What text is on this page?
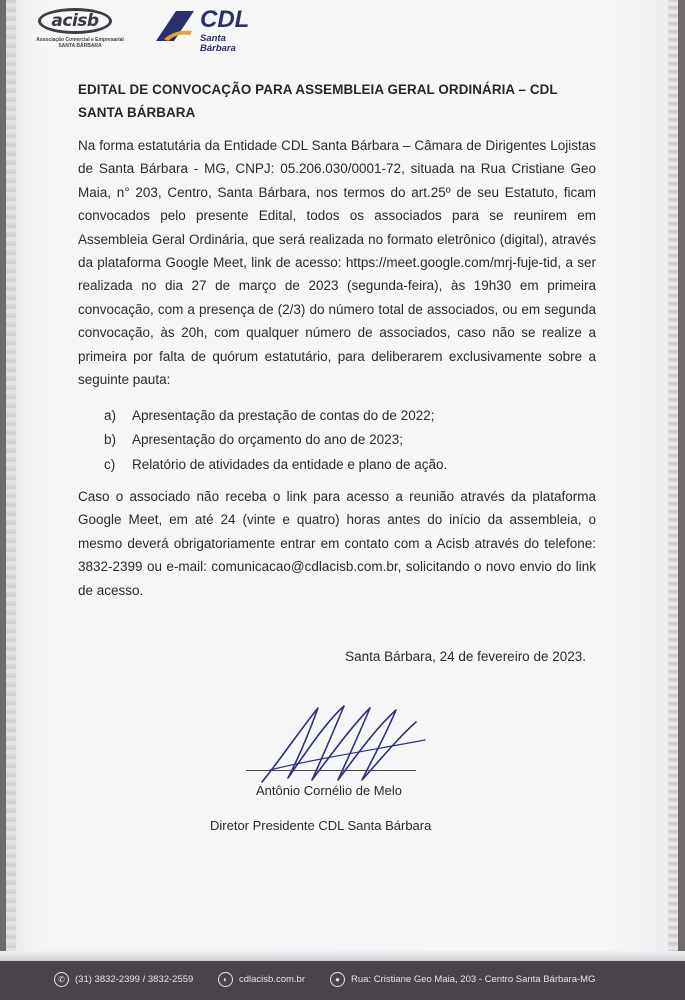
acisb
Associação Comercial e Empresarial
SANTA BÁRBARA
CDL
Santa Bárbara
EDITAL DE CONVOCAÇÃO PARA ASSEMBLEIA GERAL ORDINÁRIA – CDL SANTA BÁRBARA
Na forma estatutária da Entidade CDL Santa Bárbara – Câmara de Dirigentes Lojistas de Santa Bárbara - MG, CNPJ: 05.206.030/0001-72, situada na Rua Cristiane Geo Maia, n° 203, Centro, Santa Bárbara, nos termos do art.25º de seu Estatuto, ficam convocados pelo presente Edital, todos os associados para se reunirem em Assembleia Geral Ordinária, que será realizada no formato eletrônico (digital), através da plataforma Google Meet, link de acesso: https://meet.google.com/mrj-fuje-tid, a ser realizada no dia 27 de março de 2023 (segunda-feira), às 19h30 em primeira convocação, com a presença de (2/3) do número total de associados, ou em segunda convocação, às 20h, com qualquer número de associados, caso não se realize a primeira por falta de quórum estatutário, para deliberarem exclusivamente sobre a seguinte pauta:
a)	Apresentação da prestação de contas do de 2022;
b)	Apresentação do orçamento do ano de 2023;
c)	Relatório de atividades da entidade e plano de ação.
Caso o associado não receba o link para acesso a reunião através da plataforma Google Meet, em até 24 (vinte e quatro) horas antes do início da assembleia, o mesmo deverá obrigatoriamente entrar em contato com a Acisb através do telefone: 3832-2399 ou e-mail: comunicacao@cdlacisb.com.br, solicitando o novo envio do link de acesso.
Santa Bárbara, 24 de fevereiro de 2023.
Antônio Cornélio de Melo
Diretor Presidente CDL Santa Bárbara
✆	(31) 3832-2399 / 3832-2559	◐	cdlacisb.com.br	●	Rua: Cristiane Geo Maia, 203 - Centro Santa Bárbara-MG
